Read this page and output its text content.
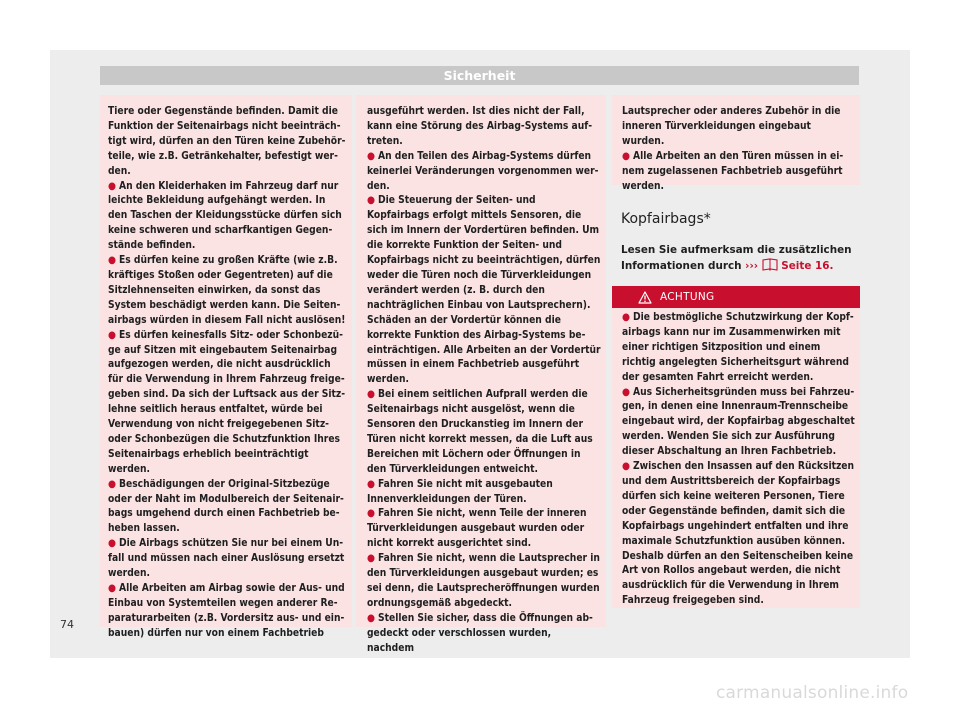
Sicherheit

Tiere oder Gegenstände befinden. Damit die Funktion der Seitenairbags nicht beeinträchtigt wird, dürfen an den Türen keine Zubehörteile, wie z.B. Getränkehalter, befestigt werden.

● An den Kleiderhaken im Fahrzeug darf nur leichte Bekleidung aufgehängt werden. In den Taschen der Kleidungsstücke dürfen sich keine schweren und scharfkantigen Gegenstände befinden.
● Es dürfen keine zu großen Kräfte (wie z.B. kräftiges Stoßen oder Gegentreten) auf die Sitzlehnenseiten einwirken, da sonst das System beschädigt werden kann. Die Seitenairbags würden in diesem Fall nicht auslösen!
● Es dürfen keinesfalls Sitz- oder Schonbezüge auf Sitzen mit eingebautem Seitenairbag aufgezogen werden, die nicht ausdrücklich für die Verwendung in Ihrem Fahrzeug freigegeben sind. Da sich der Luftsack aus der Sitzlehne seitlich heraus entfaltet, würde bei Verwendung von nicht freigegebenen Sitz- oder Schonbezügen die Schutzfunktion Ihres Seitenairbags erheblich beeinträchtigt werden.
● Beschädigungen der Original-Sitzbezüge oder der Naht im Modulbereich der Seitenairbags umgehend durch einen Fachbetrieb beheben lassen.
● Die Airbags schützen Sie nur bei einem Unfall und müssen nach einer Auslösung ersetzt werden.
● Alle Arbeiten am Airbag sowie der Aus- und Einbau von Systemteilen wegen anderer Reparaturarbeiten (z.B. Vordersitz aus- und einbauen) dürfen nur von einem Fachbetrieb

ausgeführt werden. Ist dies nicht der Fall, kann eine Störung des Airbag-Systems auftreten.

● An den Teilen des Airbag-Systems dürfen keinerlei Veränderungen vorgenommen werden.
● Die Steuerung der Seiten- und Kopfairbags erfolgt mittels Sensoren, die sich im Innern der Vordertüren befinden. Um die korrekte Funktion der Seiten- und Kopfairbags nicht zu beeinträchtigen, dürfen weder die Türen noch die Türverkleidungen verändert werden (z. B. durch den nachträglichen Einbau von Lautsprechern). Schäden an der Vordertür können die korrekte Funktion des Airbag-Systems beeinträchtigen. Alle Arbeiten an der Vordertür müssen in einem Fachbetrieb ausgeführt werden.
● Bei einem seitlichen Aufprall werden die Seitenairbags nicht ausgelöst, wenn die Sensoren den Druckanstieg im Innern der Türen nicht korrekt messen, da die Luft aus Bereichen mit Löchern oder Öffnungen in den Türverkleidungen entweicht.
● Fahren Sie nicht mit ausgebauten Innenverkleidungen der Türen.
● Fahren Sie nicht, wenn Teile der inneren Türverkleidungen ausgebaut wurden oder nicht korrekt ausgerichtet sind.
● Fahren Sie nicht, wenn die Lautsprecher in den Türverkleidungen ausgebaut wurden; es sei denn, die Lautsprecheröffnungen wurden ordnungsgemäß abgedeckt.
● Stellen Sie sicher, dass die Öffnungen abgedeckt oder verschlossen wurden, nachdem

Lautsprecher oder anderes Zubehör in die inneren Türverkleidungen eingebaut wurden.

● Alle Arbeiten an den Türen müssen in einem zugelassenen Fachbetrieb ausgeführt werden.
Kopfairbags*
Lesen Sie aufmerksam die zusätzlichen Informationen durch ››› Seite 16.
ACHTUNG
● Die bestmögliche Schutzwirkung der Kopfairbags kann nur im Zusammenwirken mit einer richtigen Sitzposition und einem richtig angelegten Sicherheitsgurt während der gesamten Fahrt erreicht werden.
● Aus Sicherheitsgründen muss bei Fahrzeugen, in denen eine Innenraum-Trennscheibe eingebaut wird, der Kopfairbag abgeschaltet werden. Wenden Sie sich zur Ausführung dieser Abschaltung an Ihren Fachbetrieb.
● Zwischen den Insassen auf den Rücksitzen und dem Austrittsbereich der Kopfairbags dürfen sich keine weiteren Personen, Tiere oder Gegenstände befinden, damit sich die Kopfairbags ungehindert entfalten und ihre maximale Schutzfunktion ausüben können. Deshalb dürfen an den Seitenscheiben keine Art von Rollos angebaut werden, die nicht ausdrücklich für die Verwendung in Ihrem Fahrzeug freigegeben sind.
74
carmanualsonline.info
